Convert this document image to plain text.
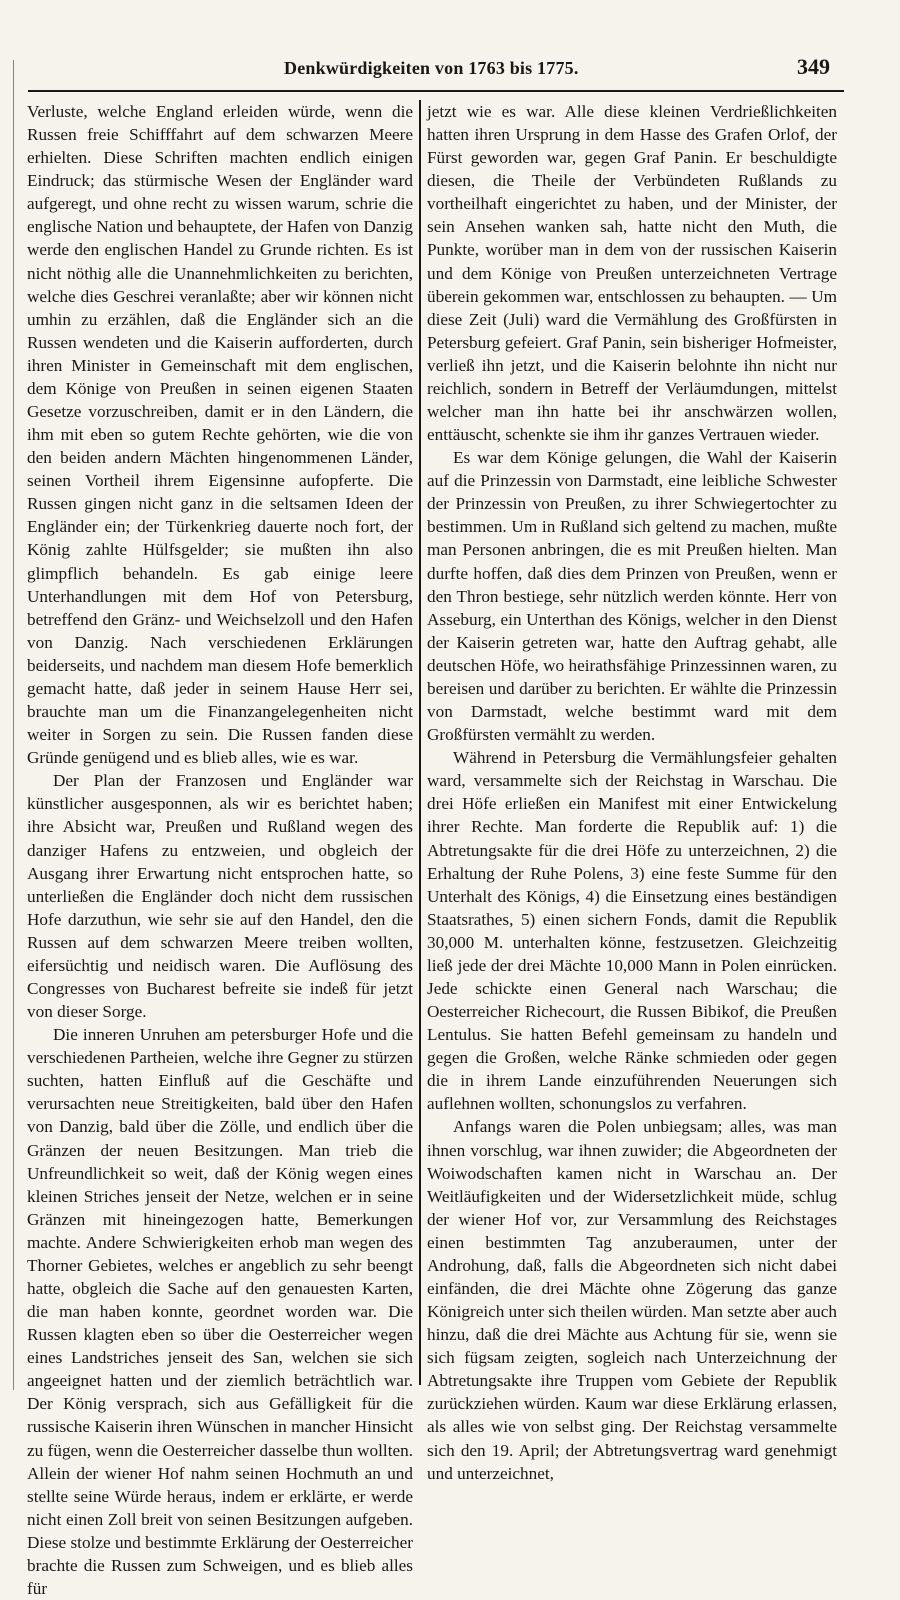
Denkwürdigkeiten von 1763 bis 1775.	349

Verluste, welche England erleiden würde, wenn die Russen freie Schifffahrt auf dem schwarzen Meere erhielten. Diese Schriften machten endlich einigen Eindruck; das stürmische Wesen der Engländer ward aufgeregt, und ohne recht zu wissen warum, schrie die englische Nation und behauptete, der Hafen von Danzig werde den englischen Handel zu Grunde richten. Es ist nicht nöthig alle die Unannehmlichkeiten zu berichten, welche dies Geschrei veranlaßte; aber wir können nicht umhin zu erzählen, daß die Engländer sich an die Russen wendeten und die Kaiserin aufforderten, durch ihren Minister in Gemeinschaft mit dem englischen, dem Könige von Preußen in seinen eigenen Staaten Gesetze vorzuschreiben, damit er in den Ländern, die ihm mit eben so gutem Rechte gehörten, wie die von den beiden andern Mächten hingenommenen Länder, seinen Vortheil ihrem Eigensinne aufopferte. Die Russen gingen nicht ganz in die seltsamen Ideen der Engländer ein; der Türkenkrieg dauerte noch fort, der König zahlte Hülfsgelder; sie mußten ihn also glimpflich behandeln. Es gab einige leere Unterhandlungen mit dem Hof von Petersburg, betreffend den Gränz- und Weichselzoll und den Hafen von Danzig. Nach verschiedenen Erklärungen beiderseits, und nachdem man diesem Hofe bemerklich gemacht hatte, daß jeder in seinem Hause Herr sei, brauchte man um die Finanzangelegenheiten nicht weiter in Sorgen zu sein. Die Russen fanden diese Gründe genügend und es blieb alles, wie es war.

Der Plan der Franzosen und Engländer war künstlicher ausgesponnen, als wir es berichtet haben; ihre Absicht war, Preußen und Rußland wegen des danziger Hafens zu entzweien, und obgleich der Ausgang ihrer Erwartung nicht entsprochen hatte, so unterließen die Engländer doch nicht dem russischen Hofe darzuthun, wie sehr sie auf den Handel, den die Russen auf dem schwarzen Meere treiben wollten, eifersüchtig und neidisch waren. Die Auflösung des Congresses von Bucharest befreite sie indeß für jetzt von dieser Sorge.

Die inneren Unruhen am petersburger Hofe und die verschiedenen Partheien, welche ihre Gegner zu stürzen suchten, hatten Einfluß auf die Geschäfte und verursachten neue Streitigkeiten, bald über den Hafen von Danzig, bald über die Zölle, und endlich über die Gränzen der neuen Besitzungen. Man trieb die Unfreundlichkeit so weit, daß der König wegen eines kleinen Striches jenseit der Netze, welchen er in seine Gränzen mit hineingezogen hatte, Bemerkungen machte. Andere Schwierigkeiten erhob man wegen des Thorner Gebietes, welches er angeblich zu sehr beengt hatte, obgleich die Sache auf den genauesten Karten, die man haben konnte, geordnet worden war. Die Russen klagten eben so über die Oesterreicher wegen eines Landstriches jenseit des San, welchen sie sich angeeignet hatten und der ziemlich beträchtlich war. Der König versprach, sich aus Gefälligkeit für die russische Kaiserin ihren Wünschen in mancher Hinsicht zu fügen, wenn die Oesterreicher dasselbe thun wollten. Allein der wiener Hof nahm seinen Hochmuth an und stellte seine Würde heraus, indem er erklärte, er werde nicht einen Zoll breit von seinen Besitzungen aufgeben. Diese stolze und bestimmte Erklärung der Oesterreicher brachte die Russen zum Schweigen, und es blieb alles für

jetzt wie es war. Alle diese kleinen Verdrießlichkeiten hatten ihren Ursprung in dem Hasse des Grafen Orlof, der Fürst geworden war, gegen Graf Panin. Er beschuldigte diesen, die Theile der Verbündeten Rußlands zu vortheilhaft eingerichtet zu haben, und der Minister, der sein Ansehen wanken sah, hatte nicht den Muth, die Punkte, worüber man in dem von der russischen Kaiserin und dem Könige von Preußen unterzeichneten Vertrage überein gekommen war, entschlossen zu behaupten. — Um diese Zeit (Juli) ward die Vermählung des Großfürsten in Petersburg gefeiert. Graf Panin, sein bisheriger Hofmeister, verließ ihn jetzt, und die Kaiserin belohnte ihn nicht nur reichlich, sondern in Betreff der Verläumdungen, mittelst welcher man ihn hatte bei ihr anschwärzen wollen, enttäuscht, schenkte sie ihm ihr ganzes Vertrauen wieder.

Es war dem Könige gelungen, die Wahl der Kaiserin auf die Prinzessin von Darmstadt, eine leibliche Schwester der Prinzessin von Preußen, zu ihrer Schwiegertochter zu bestimmen. Um in Rußland sich geltend zu machen, mußte man Personen anbringen, die es mit Preußen hielten. Man durfte hoffen, daß dies dem Prinzen von Preußen, wenn er den Thron bestiege, sehr nützlich werden könnte. Herr von Asseburg, ein Unterthan des Königs, welcher in den Dienst der Kaiserin getreten war, hatte den Auftrag gehabt, alle deutschen Höfe, wo heirathsfähige Prinzessinnen waren, zu bereisen und darüber zu berichten. Er wählte die Prinzessin von Darmstadt, welche bestimmt ward mit dem Großfürsten vermählt zu werden.

Während in Petersburg die Vermählungsfeier gehalten ward, versammelte sich der Reichstag in Warschau. Die drei Höfe erließen ein Manifest mit einer Entwickelung ihrer Rechte. Man forderte die Republik auf: 1) die Abtretungsakte für die drei Höfe zu unterzeichnen, 2) die Erhaltung der Ruhe Polens, 3) eine feste Summe für den Unterhalt des Königs, 4) die Einsetzung eines beständigen Staatsrathes, 5) einen sichern Fonds, damit die Republik 30,000 M. unterhalten könne, festzusetzen. Gleichzeitig ließ jede der drei Mächte 10,000 Mann in Polen einrücken. Jede schickte einen General nach Warschau; die Oesterreicher Richecourt, die Russen Bibikof, die Preußen Lentulus. Sie hatten Befehl gemeinsam zu handeln und gegen die Großen, welche Ränke schmieden oder gegen die in ihrem Lande einzuführenden Neuerungen sich auflehnen wollten, schonungslos zu verfahren.

Anfangs waren die Polen unbiegsam; alles, was man ihnen vorschlug, war ihnen zuwider; die Abgeordneten der Woiwodschaften kamen nicht in Warschau an. Der Weitläufigkeiten und der Widersetzlichkeit müde, schlug der wiener Hof vor, zur Versammlung des Reichstages einen bestimmten Tag anzuberaumen, unter der Androhung, daß, falls die Abgeordneten sich nicht dabei einfänden, die drei Mächte ohne Zögerung das ganze Königreich unter sich theilen würden. Man setzte aber auch hinzu, daß die drei Mächte aus Achtung für sie, wenn sie sich fügsam zeigten, sogleich nach Unterzeichnung der Abtretungsakte ihre Truppen vom Gebiete der Republik zurückziehen würden. Kaum war diese Erklärung erlassen, als alles wie von selbst ging. Der Reichstag versammelte sich den 19. April; der Abtretungsvertrag ward genehmigt und unterzeichnet,
